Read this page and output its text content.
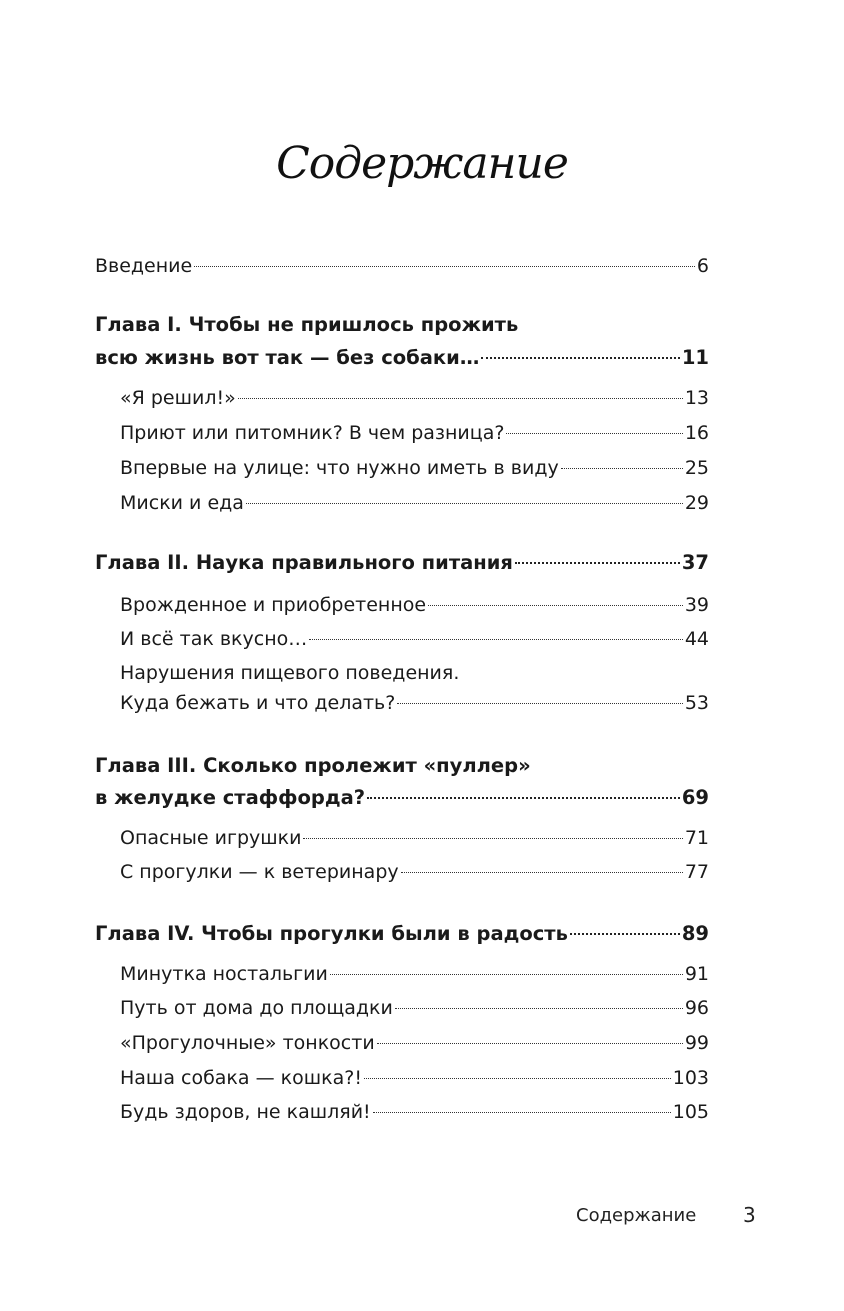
Содержание
Введение	6
Глава I. Чтобы не пришлось прожить
всю жизнь вот так — без собаки…	11
«Я решил!»	13
Приют или питомник? В чем разница?	16
Впервые на улице: что нужно иметь в виду	25
Миски и еда	29
Глава II. Наука правильного питания	37
Врожденное и приобретенное	39
И всё так вкусно…	44
Нарушения пищевого поведения.
Куда бежать и что делать?	53
Глава III. Сколько пролежит «пуллер»
в желудке стаффорда?	69
Опасные игрушки	71
С прогулки — к ветеринару	77
Глава IV. Чтобы прогулки были в радость	89
Минутка ностальгии	91
Путь от дома до площадки	96
«Прогулочные» тонкости	99
Наша собака — кошка?!	103
Будь здоров, не кашляй!	105
Содержание 3
